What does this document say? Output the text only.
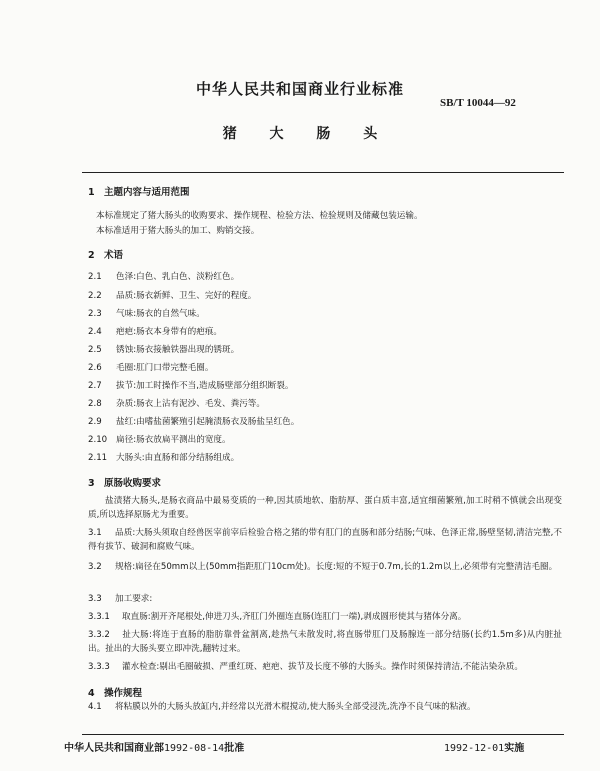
中华人民共和国商业行业标准
SB/T 10044—92
猪 大 肠 头
1 主题内容与适用范围
本标准规定了猪大肠头的收购要求、操作规程、检验方法、检验规则及储藏包装运输。
本标准适用于猪大肠头的加工、购销交接。
2 术语
2.1 色泽:白色、乳白色、淡粉红色。
2.2 品质:肠衣新鲜、卫生、完好的程度。
2.3 气味:肠衣的自然气味。
2.4 疤疤:肠衣本身带有的疤痕。
2.5 锈蚀:肠衣接触铁器出现的锈斑。
2.6 毛圈:肛门口带完整毛圈。
2.7 拔节:加工时操作不当,造成肠壁部分组织断裂。
2.8 杂质:肠衣上沾有泥沙、毛发、粪污等。
2.9 盐红:由嗜盐菌繁殖引起腌渍肠衣及肠盐呈红色。
2.10 扁径:肠衣放扁平测出的宽度。
2.11 大肠头:由直肠和部分结肠组成。
3 原肠收购要求
盐渍猪大肠头,是肠衣商品中最易变质的一种,因其质地软、脂肪厚、蛋白质丰富,适宜细菌繁殖,加工时稍不慎就会出现变质,所以选择原肠尤为重要。
3.1 品质:大肠头须取自经兽医宰前宰后检验合格之猪的带有肛门的直肠和部分结肠;气味、色泽正常,肠壁坚韧,清洁完整,不得有拔节、破洞和腐败气味。
3.2 规格:扁径在50mm以上(50mm指距肛门10cm处)。长度:短的不短于0.7m,长的1.2m以上,必须带有完整清洁毛圈。
3.3 加工要求:
3.3.1 取直肠:割开齐尾根处,伸进刀头,齐肛门外圈连直肠(连肛门一端),剥成圆形使其与猪体分离。
3.3.2 扯大肠:将连于直肠的脂肪靠骨盆割离,趁热气未散发时,将直肠带肛门及肠腺连一部分结肠(长约1.5m多)从内脏扯出。扯出的大肠头要立即冲洗,翻转过来。
3.3.3 灌水检查:剔出毛圈破损、严重红斑、疤疤、拔节及长度不够的大肠头。操作时须保持清洁,不能沾染杂质。
4 操作规程
4.1 将粘膜以外的大肠头放缸内,并经常以光滑木棍搅动,使大肠头全部受浸洗,洗净不良气味的粘液。
中华人民共和国商业部1992-08-14批准	1992-12-01实施
